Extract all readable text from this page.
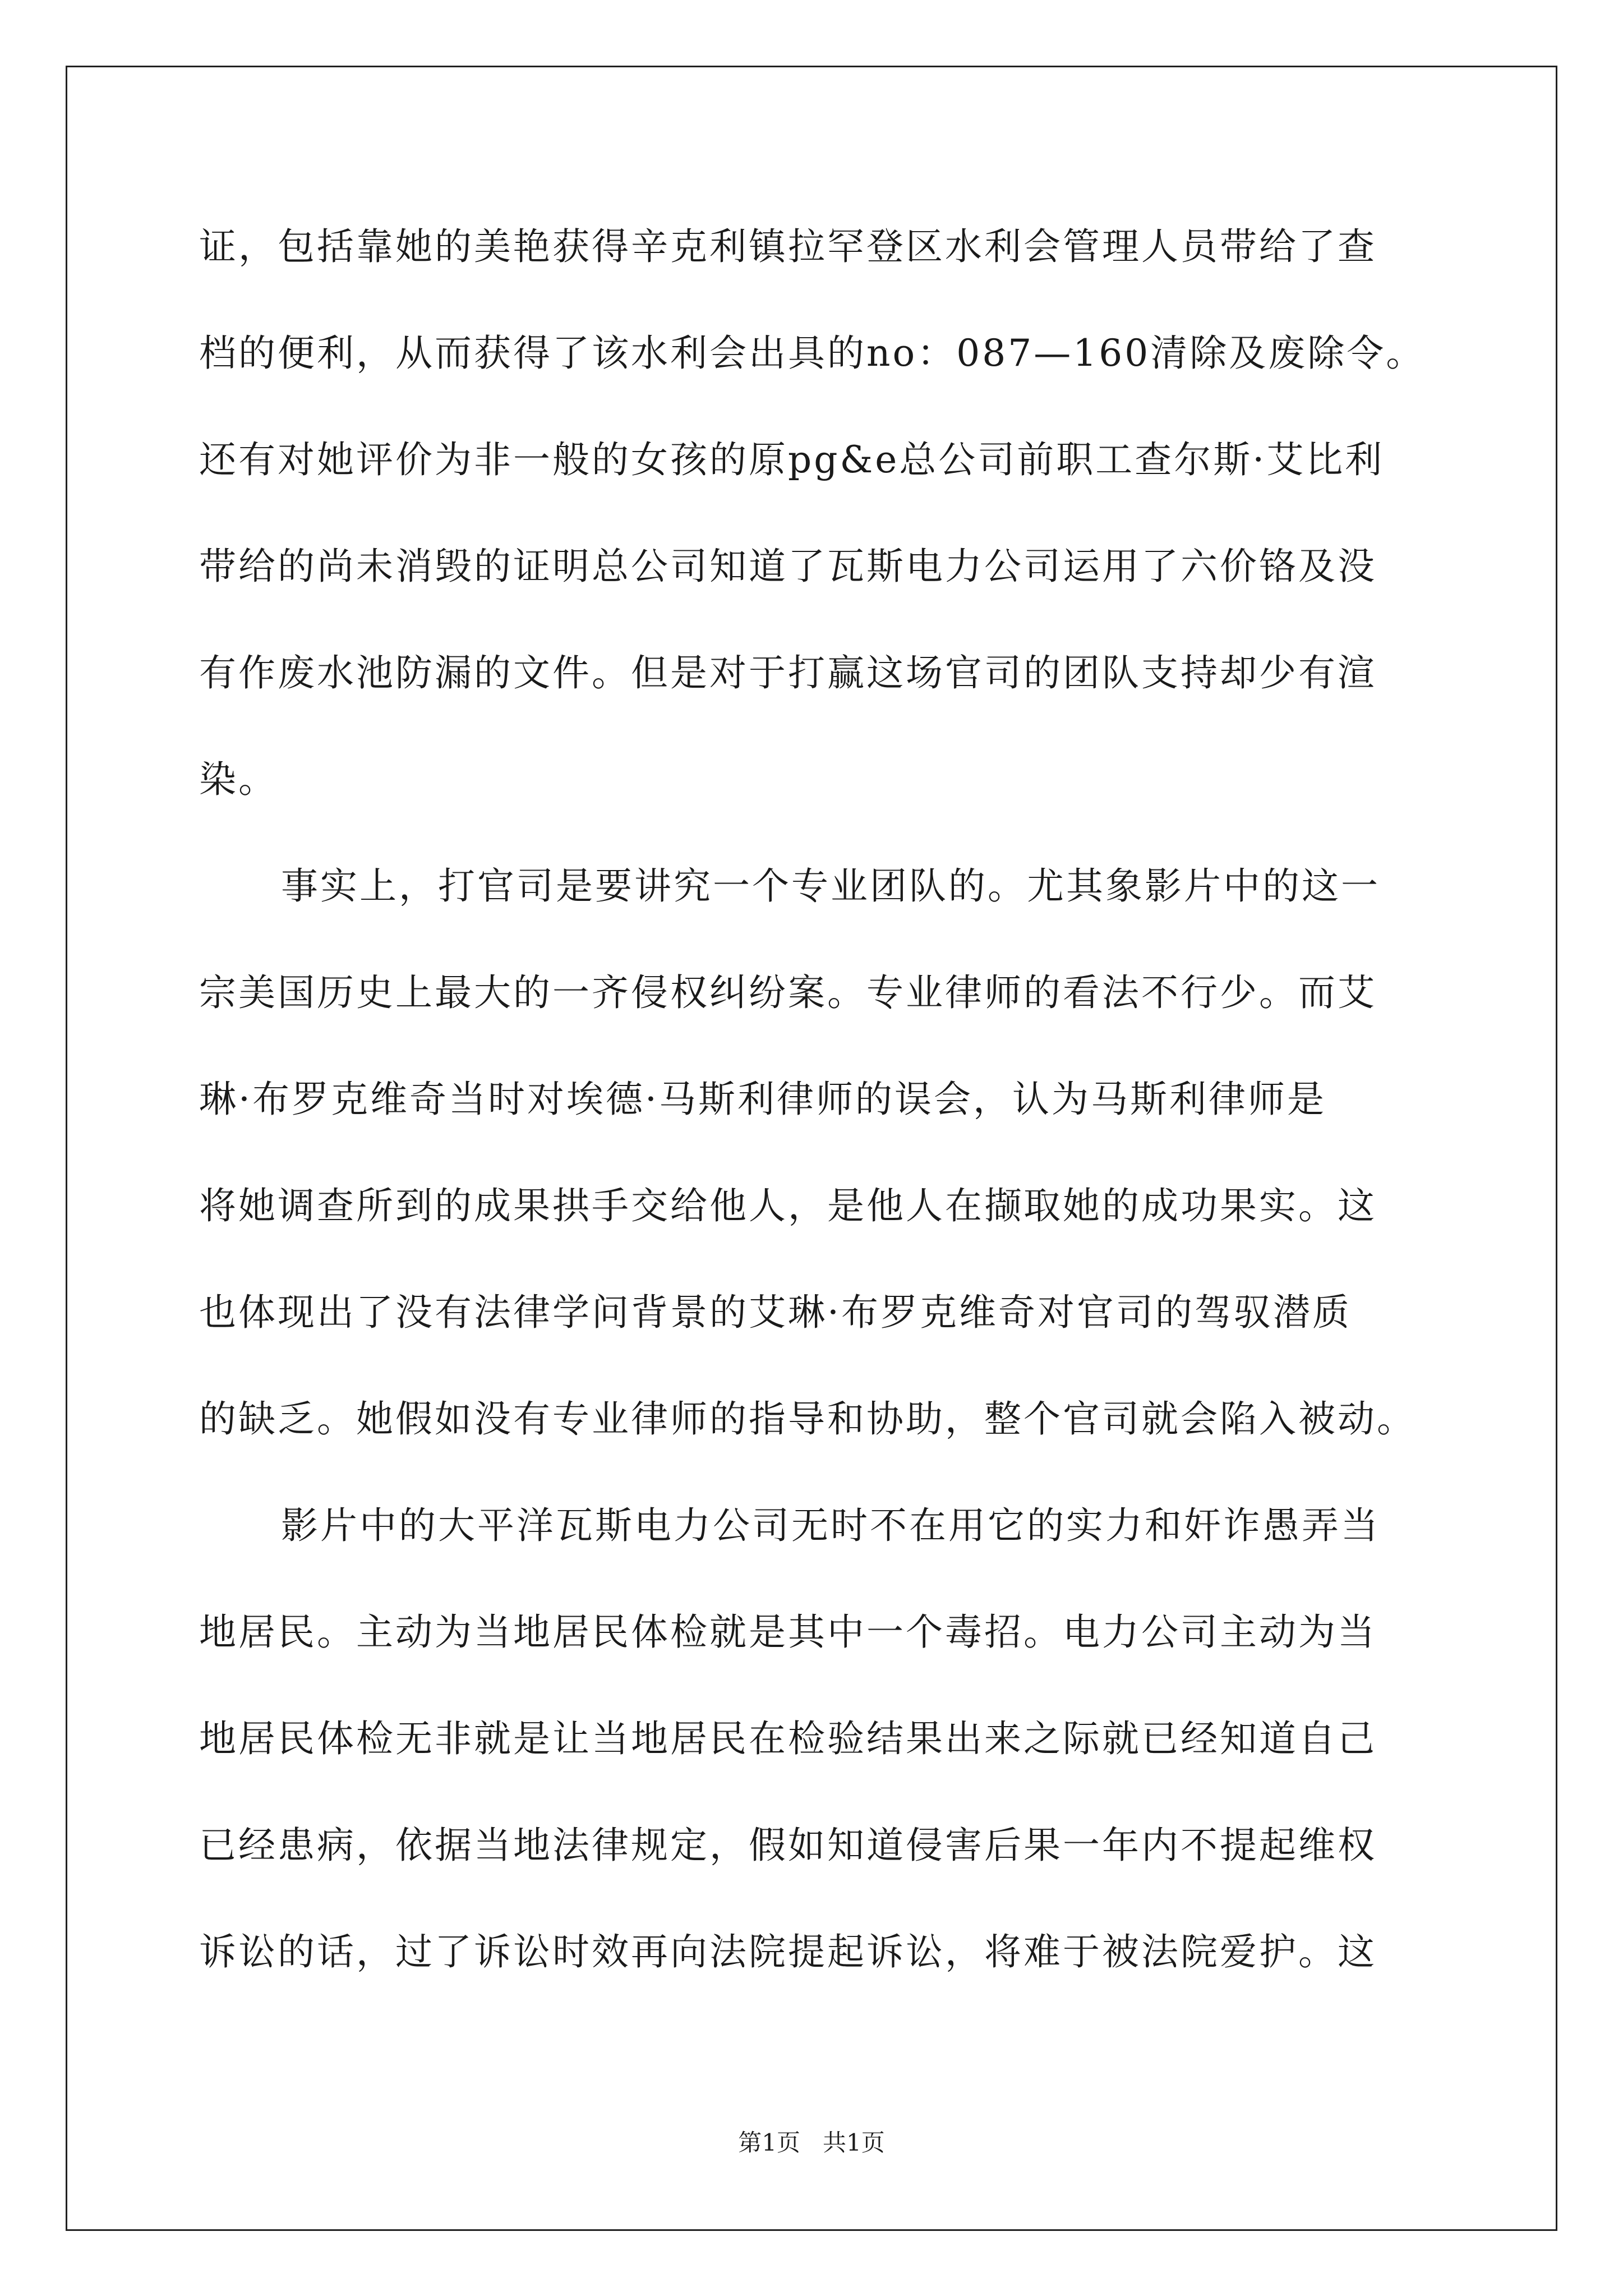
证，包括靠她的美艳获得辛克利镇拉罕登区水利会管理人员带给了查
档的便利，从而获得了该水利会出具的no：087—160清除及废除令。
还有对她评价为非一般的女孩的原pg&e总公司前职工查尔斯·艾比利
带给的尚未消毁的证明总公司知道了瓦斯电力公司运用了六价铬及没
有作废水池防漏的文件。但是对于打赢这场官司的团队支持却少有渲
染。
事实上，打官司是要讲究一个专业团队的。尤其象影片中的这一
宗美国历史上最大的一齐侵权纠纷案。专业律师的看法不行少。而艾
琳·布罗克维奇当时对埃德·马斯利律师的误会，认为马斯利律师是
将她调查所到的成果拱手交给他人，是他人在撷取她的成功果实。这
也体现出了没有法律学问背景的艾琳·布罗克维奇对官司的驾驭潜质
的缺乏。她假如没有专业律师的指导和协助，整个官司就会陷入被动。
影片中的大平洋瓦斯电力公司无时不在用它的实力和奸诈愚弄当
地居民。主动为当地居民体检就是其中一个毒招。电力公司主动为当
地居民体检无非就是让当地居民在检验结果出来之际就已经知道自己
已经患病，依据当地法律规定，假如知道侵害后果一年内不提起维权
诉讼的话，过了诉讼时效再向法院提起诉讼，将难于被法院爱护。这
第1页 共1页
